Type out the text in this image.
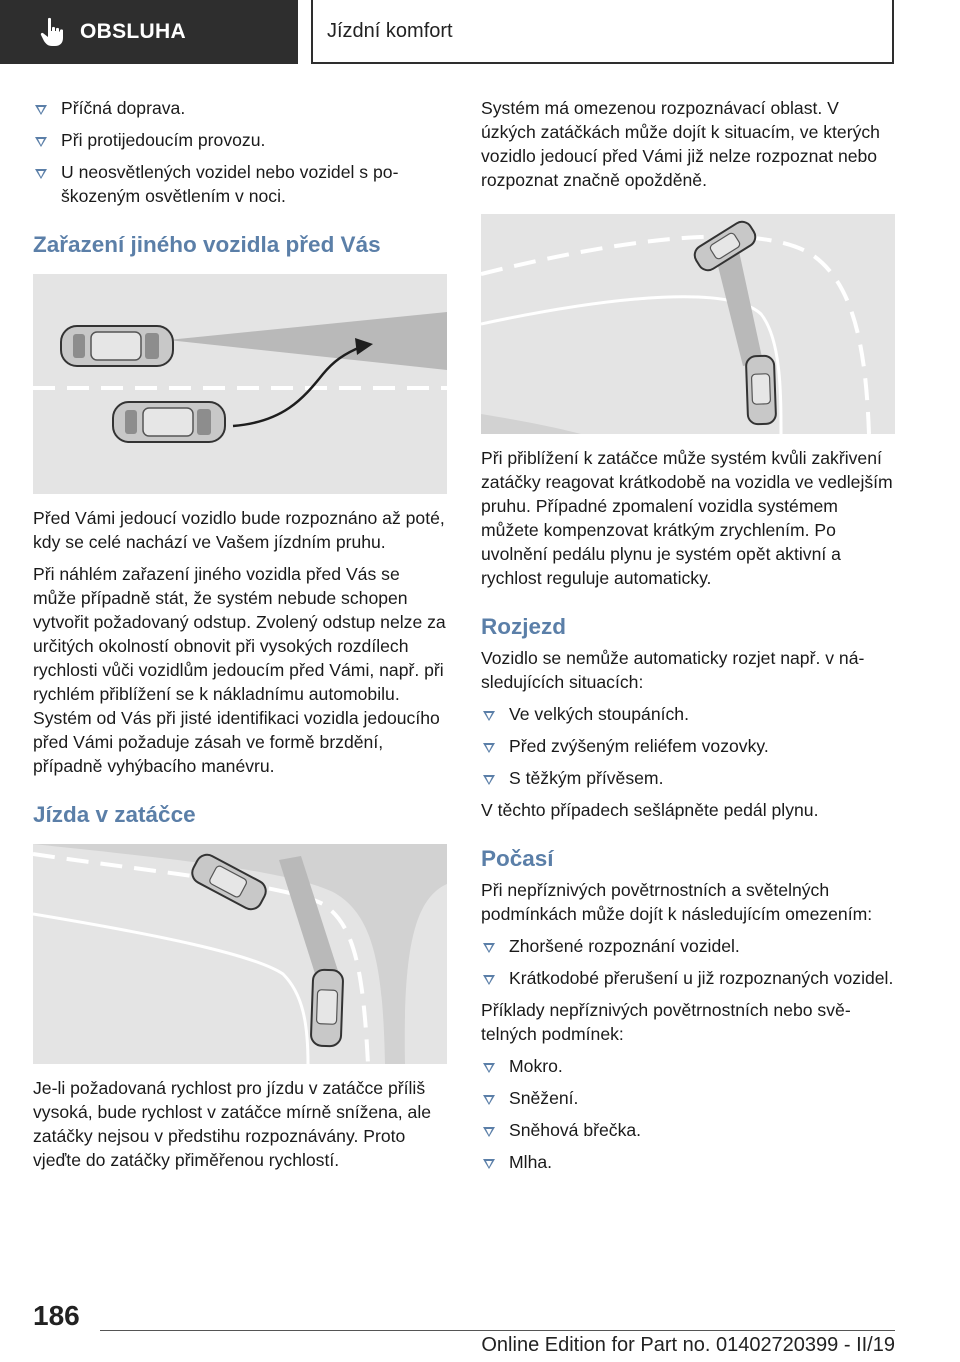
OBSLUHA	Jízdní komfort
Příčná doprava.
Při protijedoucím provozu.
U neosvětlených vozidel nebo vozidel s poškozeným osvětlením v noci.
Zařazení jiného vozidla před Vás

Před Vámi jedoucí vozidlo bude rozpoznáno až poté, kdy se celé nachází ve Vašem jízdním pruhu.

Při náhlém zařazení jiného vozidla před Vás se může případně stát, že systém nebude schopen vytvořit požadovaný odstup. Zvolený odstup nelze za určitých okolností obnovit při vysokých rozdílech rychlosti vůči vozidlům jedoucím před Vámi, např. při rychlém přiblížení se k nákladnímu automobilu. Systém od Vás při jisté identifikaci vozidla jedoucího před Vámi požaduje zásah ve formě brzdění, případně vyhýbacího manévru.

Jízda v zatáčce

Je-li požadovaná rychlost pro jízdu v zatáčce příliš vysoká, bude rychlost v zatáčce mírně snížena, ale zatáčky nejsou v předstihu rozpoznávány. Proto vjeďte do zatáčky přiměřenou rychlostí.

Systém má omezenou rozpoznávací oblast. V úzkých zatáčkách může dojít k situacím, ve kterých vozidlo jedoucí před Vámi již nelze rozpoznat nebo rozpoznat značně opožděně.

Při přiblížení k zatáčce může systém kvůli zakřivení zatáčky reagovat krátkodobě na vozidla ve vedlejším pruhu. Případné zpomalení vozidla systémem můžete kompenzovat krátkým zrychlením. Po uvolnění pedálu plynu je systém opět aktivní a rychlost reguluje automaticky.

Rozjezd

Vozidlo se nemůže automaticky rozjet např. v následujících situacích:

Ve velkých stoupáních.
Před zvýšeným reliéfem vozovky.
S těžkým přívěsem.

V těchto případech sešlápněte pedál plynu.

Počasí

Při nepříznivých povětrnostních a světelných podmínkách může dojít k následujícím omezením:

Zhoršené rozpoznání vozidel.
Krátkodobé přerušení u již rozpoznaných vozidel.

Příklady nepříznivých povětrnostních nebo světelných podmínek:

Mokro.
Sněžení.
Sněhová břečka.
Mlha.
186
Online Edition for Part no. 01402720399 - II/19
